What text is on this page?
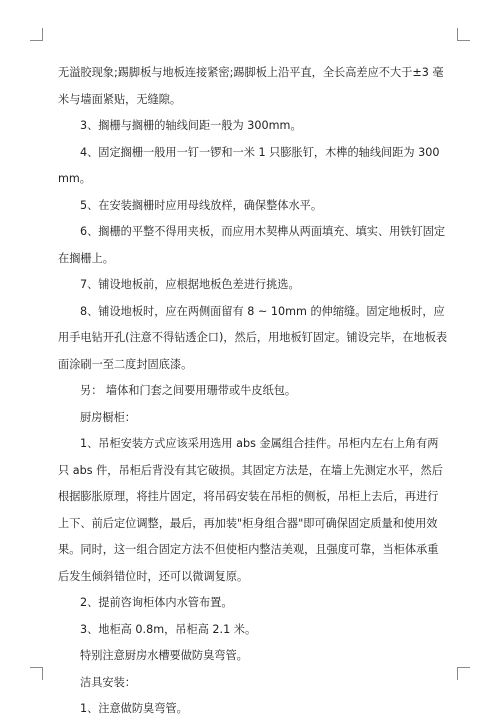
无溢胶现象;踢脚板与地板连接紧密;踢脚板上沿平直，全长高差应不大于±3 毫米与墙面紧贴，无缝隙。

3、搁栅与搁栅的轴线间距一般为 300mm。

4、固定搁栅一般用一钉一锣和一米 1 只膨胀钉，木榫的轴线间距为 300mm。

5、在安装搁栅时应用母线放样，确保整体水平。

6、搁栅的平整不得用夹板，而应用木契榫从两面填充、填实、用铁钉固定在搁栅上。

7、铺设地板前，应根据地板色差进行挑选。

8、铺设地板时，应在两侧面留有 8 ~ 10mm 的伸缩缝。固定地板时，应用手电钻开孔(注意不得钻透企口)，然后，用地板钉固定。铺设完毕，在地板表面涂刷一至二度封固底漆。

另： 墙体和门套之间要用珊带或牛皮纸包。

厨房橱柜：

1、吊柜安装方式应该采用选用 abs 金属组合挂件。吊柜内左右上角有两只 abs 件，吊柜后背没有其它破损。其固定方法是，在墙上先测定水平，然后根据膨胀原理，将挂片固定，将吊码安装在吊柜的侧板，吊柜上去后，再进行上下、前后定位调整，最后，再加装"柜身组合器"即可确保固定质量和使用效果。同时，这一组合固定方法不但使柜内整洁美观，且强度可靠，当柜体承重后发生倾斜错位时，还可以微调复原。

2、提前咨询柜体内水管布置。

3、地柜高 0.8m，吊柜高 2.1 米。

特别注意厨房水槽要做防臭弯管。

洁具安装：

1、注意做防臭弯管。
